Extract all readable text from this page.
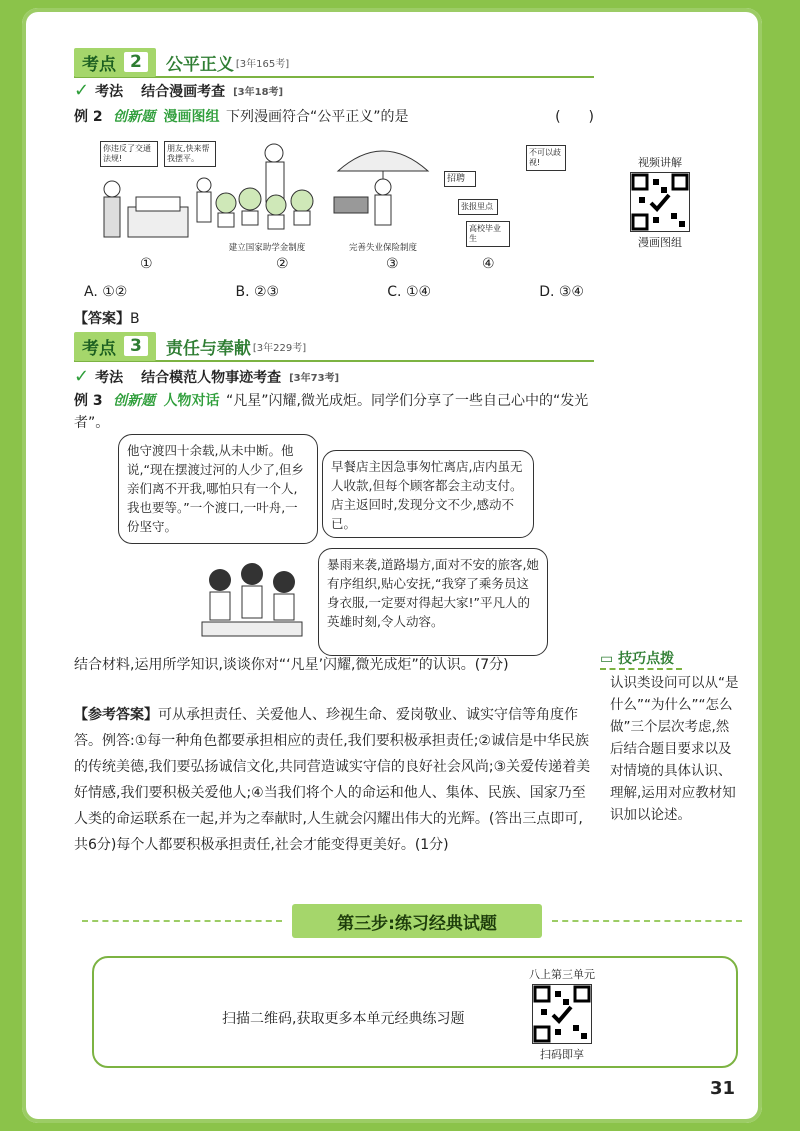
考点 2	公平正义 [3年165考]
✓ 考法 结合漫画考查 [3年18考]
例 2 创新题 漫画图组 下列漫画符合“公平正义”的是	(　　)
你违反了交通法规!
朋友,快来帮我摆平。
①
建立国家助学金制度
②
完善失业保险制度
③
不可以歧视!
招聘
张报里点
高校毕业生
④
A. ①②	B. ②③	C. ①④	D. ③④
【答案】B
视频讲解
漫画图组
考点 3	责任与奉献 [3年229考]
✓ 考法 结合模范人物事迹考查 [3年73考]
例 3 创新题 人物对话 “凡星”闪耀,微光成炬。同学们分享了一些自己心中的“发光者”。
他守渡四十余载,从未中断。他说,“现在摆渡过河的人少了,但乡亲们离不开我,哪怕只有一个人,我也要等。”一个渡口,一叶舟,一份坚守。
早餐店主因急事匆忙离店,店内虽无人收款,但每个顾客都会主动支付。店主返回时,发现分文不少,感动不已。
暴雨来袭,道路塌方,面对不安的旅客,她有序组织,贴心安抚,“我穿了乘务员这身衣服,一定要对得起大家!”平凡人的英雄时刻,令人动容。
结合材料,运用所学知识,谈谈你对“‘凡星’闪耀,微光成炬”的认识。(7分)
【参考答案】可从承担责任、关爱他人、珍视生命、爱岗敬业、诚实守信等角度作答。例答:①每一种角色都要承担相应的责任,我们要积极承担责任;②诚信是中华民族的传统美德,我们要弘扬诚信文化,共同营造诚实守信的良好社会风尚;③关爱传递着美好情感,我们要积极关爱他人;④当我们将个人的命运和他人、集体、民族、国家乃至人类的命运联系在一起,并为之奉献时,人生就会闪耀出伟大的光辉。(答出三点即可,共6分)每个人都要积极承担责任,社会才能变得更美好。(1分)
▭ 技巧点拨
认识类设问可以从“是什么”“为什么”“怎么做”三个层次考虑,然后结合题目要求以及对情境的具体认识、理解,运用对应教材知识加以论述。
第三步:练习经典试题
扫描二维码,获取更多本单元经典练习题
八上第三单元
扫码即享
31
